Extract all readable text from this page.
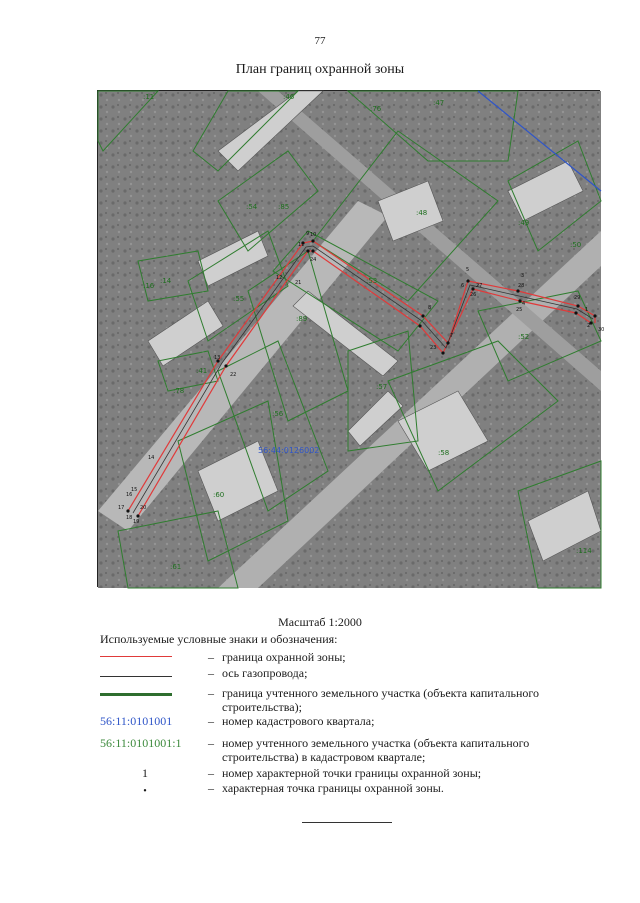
77
План границ охранной зоны
:11	:46
:76
:47
:54	:85
:48
:49
:50
:16
:14
:55
:53
:89
:52
:78
:41
:57
:56
:58
:60
:61
:114
1
2
3
4
5
6
7
8
9 10
11
12
13
14
15
16
17
18
19
20
21
22
23
24
25
26
27	28
29
30
56:44:0126002
Масштаб 1:2000
Используемые условные знаки и обозначения:
– граница охранной зоны;
– ось газопровода;
– граница учтенного земельного участка (объекта капитального строительства);
56:11:0101001	– номер кадастрового квартала;
56:11:0101001:1	– номер учтенного земельного участка (объекта капитального строительства) в кадастровом квартале;
1	– номер характерной точки границы охранной зоны;
•	– характерная точка границы охранной зоны.
